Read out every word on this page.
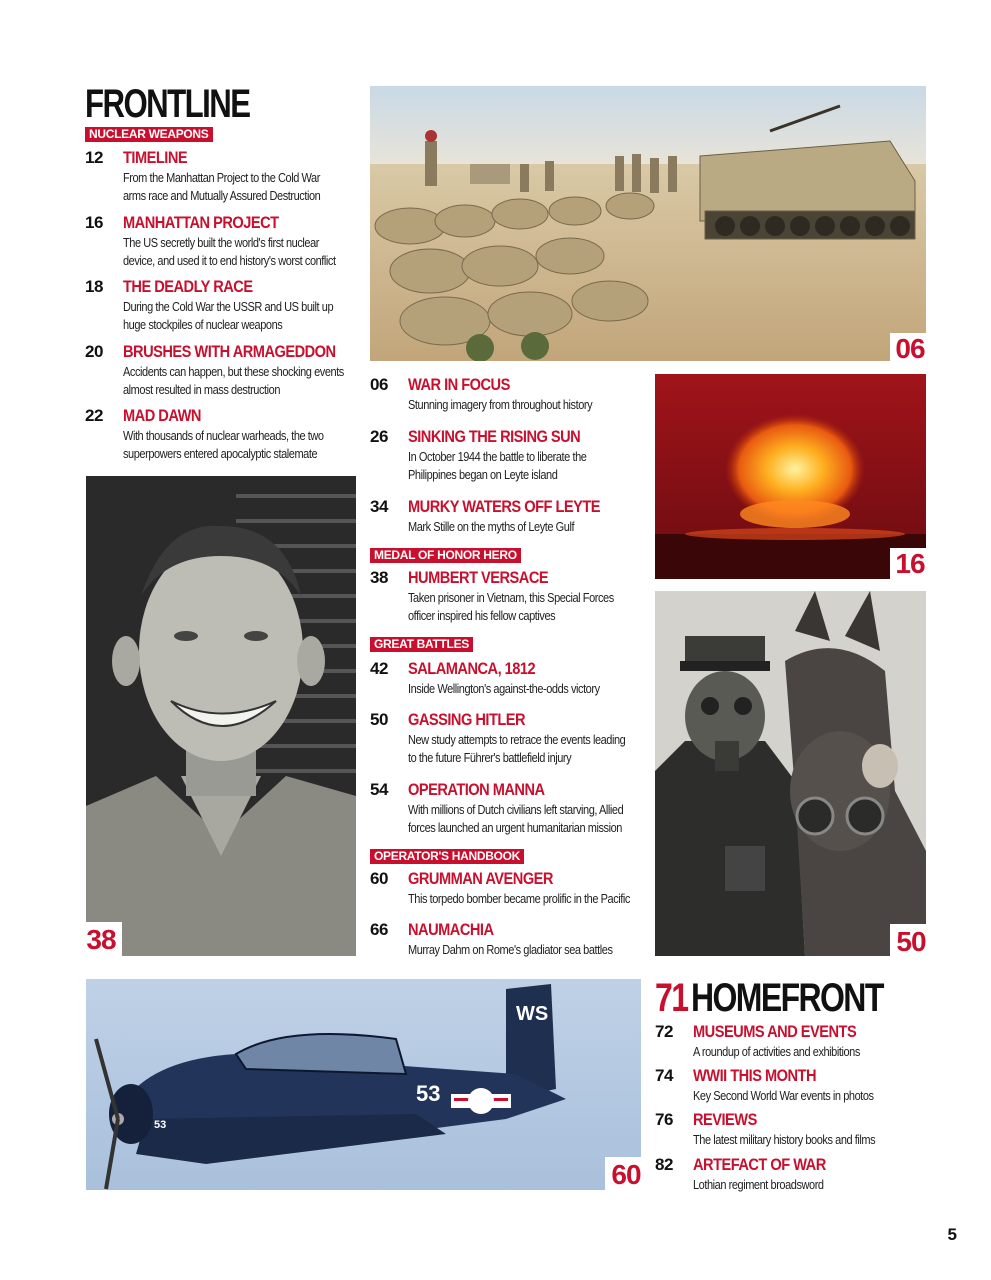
FRONTLINE
NUCLEAR WEAPONS
12 TIMELINE
From the Manhattan Project to the Cold War
arms race and Mutually Assured Destruction
16 MANHATTAN PROJECT
The US secretly built the world's first nuclear
device, and used it to end history's worst conflict
18 THE DEADLY RACE
During the Cold War the USSR and US built up
huge stockpiles of nuclear weapons
20 BRUSHES WITH ARMAGEDDON
Accidents can happen, but these shocking events
almost resulted in mass destruction
22 MAD DAWN
With thousands of nuclear warheads, the two
superpowers entered apocalyptic stalemate
06
16
06 WAR IN FOCUS
Stunning imagery from throughout history
26 SINKING THE RISING SUN
In October 1944 the battle to liberate the
Philippines began on Leyte island
34 MURKY WATERS OFF LEYTE
Mark Stille on the myths of Leyte Gulf
MEDAL OF HONOR HERO
38 HUMBERT VERSACE
Taken prisoner in Vietnam, this Special Forces
officer inspired his fellow captives
GREAT BATTLES
42 SALAMANCA, 1812
Inside Wellington's against-the-odds victory
50 GASSING HITLER
New study attempts to retrace the events leading
to the future Führer's battlefield injury
54 OPERATION MANNA
With millions of Dutch civilians left starving, Allied
forces launched an urgent humanitarian mission
OPERATOR'S HANDBOOK
60 GRUMMAN AVENGER
This torpedo bomber became prolific in the Pacific
66 NAUMACHIA
Murray Dahm on Rome's gladiator sea battles
38	50
WS
53
53
60
71 HOMEFRONT
72 MUSEUMS AND EVENTS
A roundup of activities and exhibitions
74 WWII THIS MONTH
Key Second World War events in photos
76 REVIEWS
The latest military history books and films
82 ARTEFACT OF WAR
Lothian regiment broadsword
5
